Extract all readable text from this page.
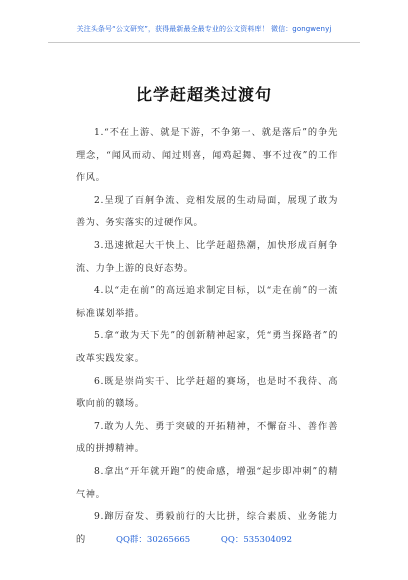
关注头条号“公文研究”，获得最新最全最专业的公文资料库！ 微信：gongwenyj
比学赶超类过渡句

1.“不在上游、就是下游，不争第一、就是落后”的争先理念，“闻风而动、闻过则喜，闻鸡起舞、事不过夜”的工作作风。

2.呈现了百舸争流、竞相发展的生动局面，展现了敢为善为、务实落实的过硬作风。

3.迅速掀起大干快上、比学赶超热潮，加快形成百舸争流、力争上游的良好态势。

4.以“走在前”的高远追求制定目标，以“走在前”的一流标准谋划举措。

5.拿“敢为天下先”的创新精神起家，凭“勇当探路者”的改革实践发家。

6.既是崇尚实干、比学赶超的赛场，也是时不我待、高歌向前的赣场。

7.敢为人先、勇于突破的开拓精神，不懈奋斗、善作善成的拼搏精神。

8.拿出“开年就开跑”的使命感，增强“起步即冲刺”的精气神。

9.蹿厉奋发、勇毅前行的大比拼，综合素质、业务能力的	QQ群：30265665	QQ：535304092
